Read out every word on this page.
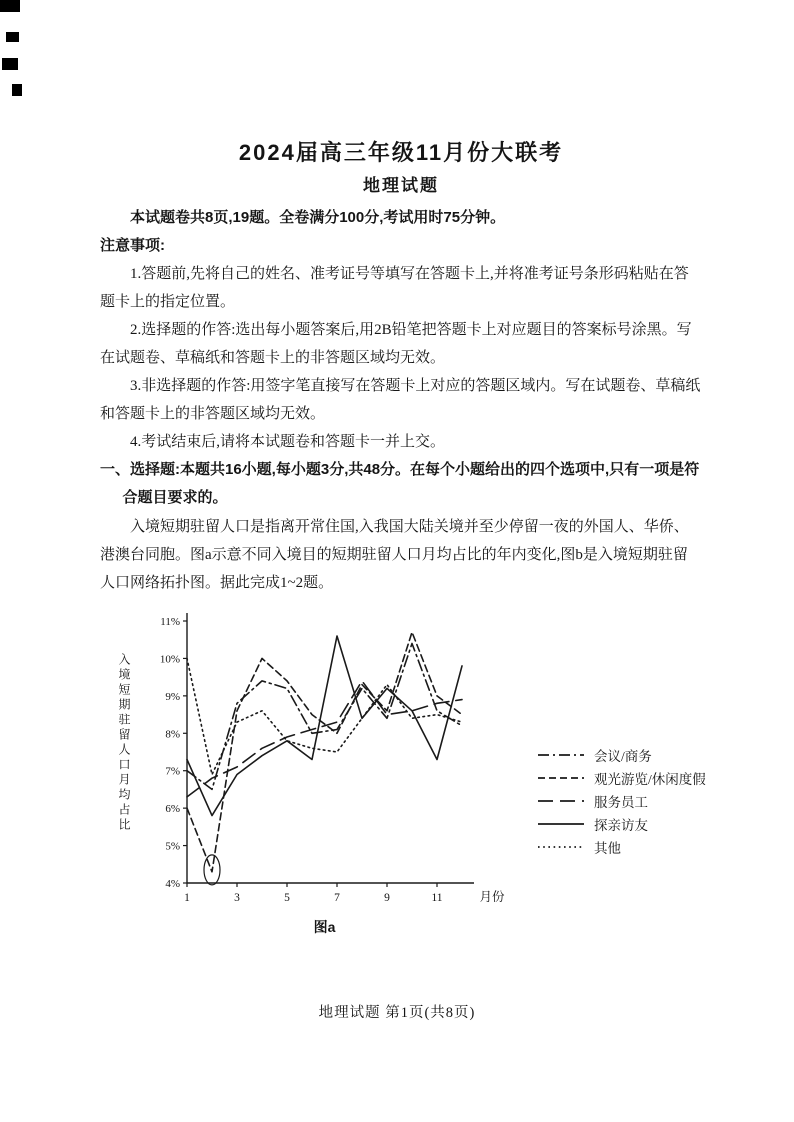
2024届高三年级11月份大联考
地理试题

本试题卷共8页,19题。全卷满分100分,考试用时75分钟。

注意事项:

1.答题前,先将自己的姓名、准考证号等填写在答题卡上,并将准考证号条形码粘贴在答题卡上的指定位置。

2.选择题的作答:选出每小题答案后,用2B铅笔把答题卡上对应题目的答案标号涂黑。写在试题卷、草稿纸和答题卡上的非答题区域均无效。

3.非选择题的作答:用签字笔直接写在答题卡上对应的答题区域内。写在试题卷、草稿纸和答题卡上的非答题区域均无效。

4.考试结束后,请将本试题卷和答题卡一并上交。

一、选择题:本题共16小题,每小题3分,共48分。在每个小题给出的四个选项中,只有一项是符合题目要求的。

入境短期驻留人口是指离开常住国,入我国大陆关境并至少停留一夜的外国人、华侨、港澳台同胞。图a示意不同入境目的短期驻留人口月均占比的年内变化,图b是入境短期驻留人口网络拓扑图。据此完成1~2题。

入境短期驻留人口月均占比
4%
5%
6%
7%
8%
9%
10%
11%
1	3	5	7	9	11	月份
图a
会议/商务
观光游览/休闲度假
服务员工
探亲访友
其他
地理试题 第1页(共8页)
